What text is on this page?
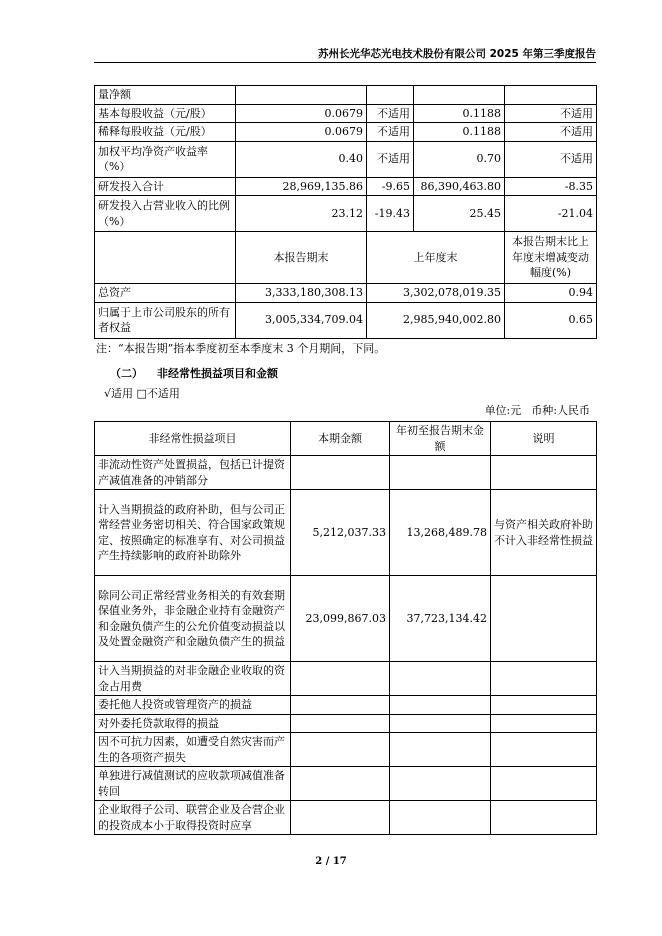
苏州长光华芯光电技术股份有限公司 2025 年第三季度报告
量净额				
基本每股收益（元/股）	0.0679	不适用	0.1188	不适用
稀释每股收益（元/股）	0.0679	不适用	0.1188	不适用
加权平均净资产收益率（%）	0.40	不适用	0.70	不适用
研发投入合计	28,969,135.86	-9.65	86,390,463.80	-8.35
研发投入占营业收入的比例（%）	23.12	-19.43	25.45	-21.04
	本报告期末	上年度末		本报告期末比上年度末增减变动幅度(%)
总资产	3,333,180,308.13	3,302,078,019.35		0.94
归属于上市公司股东的所有者权益	3,005,334,709.04	2,985,940,002.80		0.65
注：“本报告期”指本季度初至本季度末 3 个月期间，下同。
（二） 非经常性损益项目和金额
√适用 □不适用
单位:元 币种:人民币
非经常性损益项目	本期金额	年初至报告期末金额	说明
非流动性资产处置损益，包括已计提资产减值准备的冲销部分			
计入当期损益的政府补助，但与公司正常经营业务密切相关、符合国家政策规定、按照确定的标准享有、对公司损益产生持续影响的政府补助除外	5,212,037.33	13,268,489.78	与资产相关政府补助不计入非经常性损益
除同公司正常经营业务相关的有效套期保值业务外，非金融企业持有金融资产和金融负债产生的公允价值变动损益以及处置金融资产和金融负债产生的损益	23,099,867.03	37,723,134.42	
计入当期损益的对非金融企业收取的资金占用费			
委托他人投资或管理资产的损益			
对外委托贷款取得的损益			
因不可抗力因素，如遭受自然灾害而产生的各项资产损失			
单独进行减值测试的应收款项减值准备转回			
企业取得子公司、联营企业及合营企业的投资成本小于取得投资时应享			
2 / 17
